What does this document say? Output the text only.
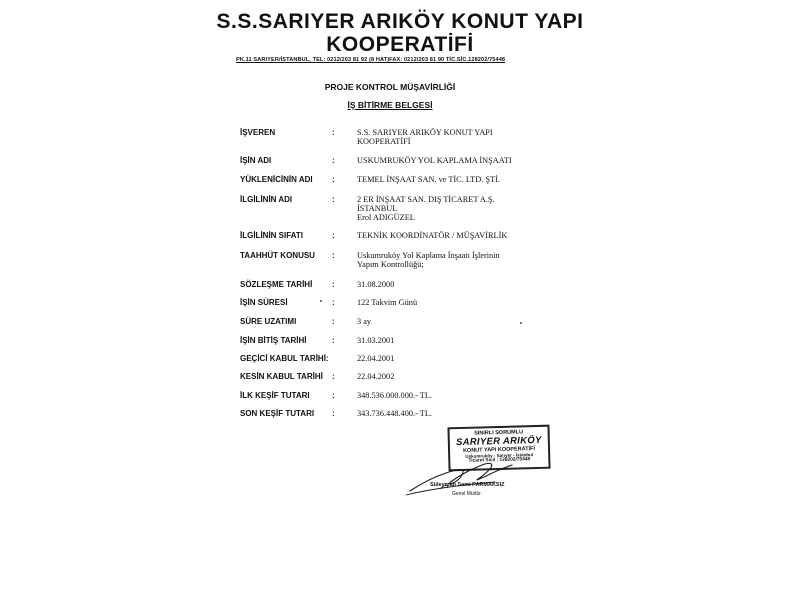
S.S.SARIYER ARIKÖY KONUT YAPI
KOOPERATİFİ
PK.11 SARIYER/İSTANBUL, TEL: 0212/203 81 92 (8 HAT)FAX: 0212/203 81 90 TİC.SİC.128202/75448
PROJE KONTROL MÜŞAVİRLİĞİ
İŞ BİTİRME BELGESİ
İŞVEREN	:	S.S. SARIYER ARIKÖY KONUT YAPI
KOOPERATİFİ
İŞİN ADI	:	USKUMRUKÖY YOL KAPLAMA İNŞAATI
YÜKLENİCİNİN ADI :	TEMEL İNŞAAT SAN. ve TİC. LTD. ŞTİ.
İLGİLİNİN ADI	:	2 ER İNŞAAT SAN. DIŞ TİCARET A.Ş.
İSTANBUL
Erol ADIGÜZEL
İLGİLİNİN SIFATI	:	TEKNİK KOORDİNATÖR / MÜŞAVİRLİK
TAAHHÜT KONUSU :	Uskumruköy Yol Kaplama İnşaatı İşlerinin
Yapım Kontrollüğü;
SÖZLEŞME TARİHİ :	31.08.2000
İŞİN SÜRESİ	:	122 Takvim Günü
SÜRE UZATIMI	:	3 ay
İŞİN BİTİŞ TARİHİ	:	31.03.2001
GEÇİCİ KABUL TARİHİ:	22.04.2001
KESİN KABUL TARİHİ :	22.04.2002
İLK KEŞİF TUTARI	:	348.536.000.000.- TL.
SON KEŞİF TUTARI :	343.736.448.400.- TL.
SINIRLI SORUMLU
SARIYER ARIKÖY
KONUT YAPI KOOPERATİFİ
Uskumruköy - Sarıyer - İstanbul
Ticaret Sicil : 128202/75448
Süleyman Sami PARMAKSIZ
Genel Müdür
